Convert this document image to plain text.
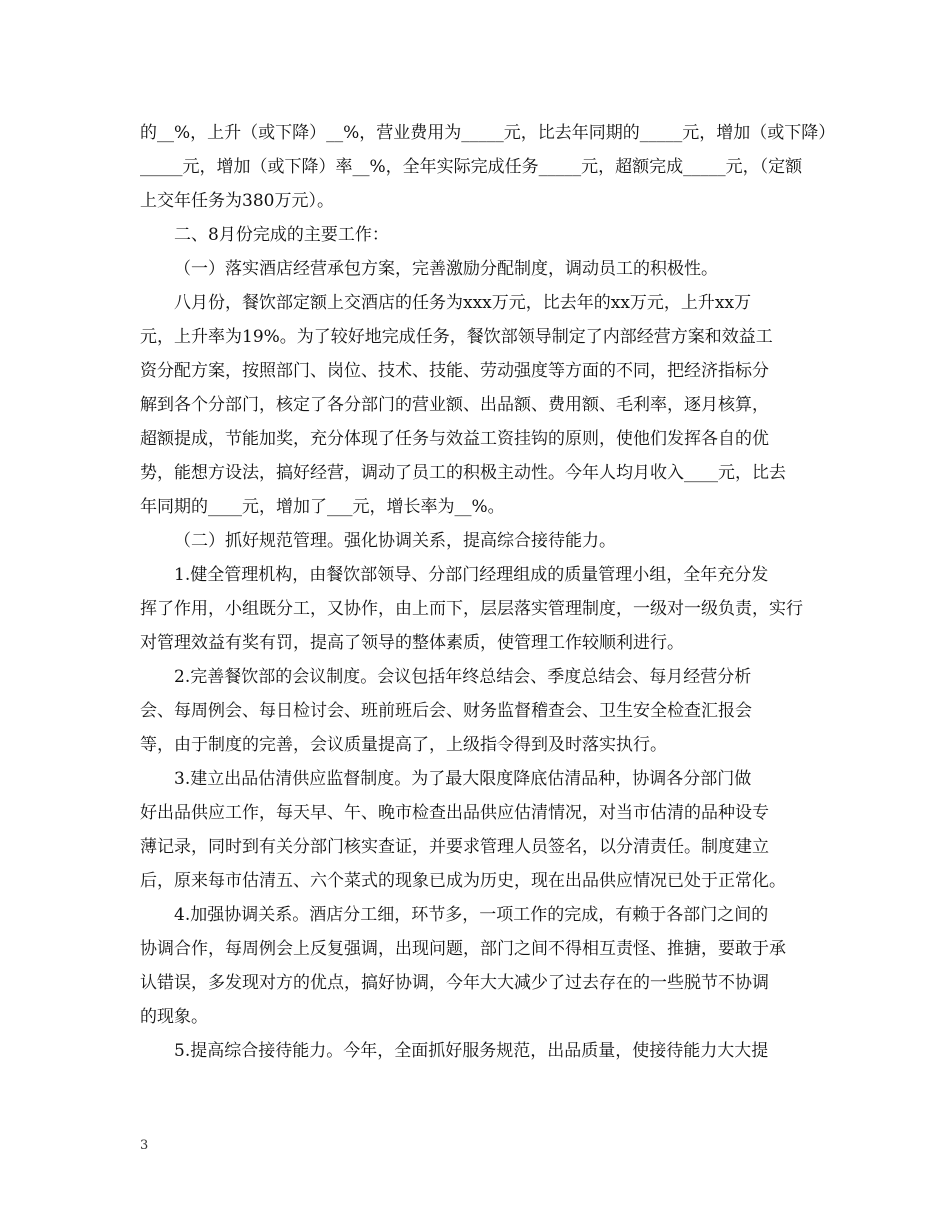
的__%，上升（或下降）__%，营业费用为_____元，比去年同期的_____元，增加（或下降）
_____元，增加（或下降）率__%，全年实际完成任务_____元，超额完成_____元，（定额
上交年任务为380万元）。
二、8月份完成的主要工作：
（一）落实酒店经营承包方案，完善激励分配制度，调动员工的积极性。
八月份，餐饮部定额上交酒店的任务为xxx万元，比去年的xx万元，上升xx万
元，上升率为19%。为了较好地完成任务，餐饮部领导制定了内部经营方案和效益工
资分配方案，按照部门、岗位、技术、技能、劳动强度等方面的不同，把经济指标分
解到各个分部门，核定了各分部门的营业额、出品额、费用额、毛利率，逐月核算，
超额提成，节能加奖，充分体现了任务与效益工资挂钩的原则，使他们发挥各自的优
势，能想方设法，搞好经营，调动了员工的积极主动性。今年人均月收入____元，比去
年同期的____元，增加了___元，增长率为__%。
（二）抓好规范管理。强化协调关系，提高综合接待能力。
1.健全管理机构，由餐饮部领导、分部门经理组成的质量管理小组，全年充分发
挥了作用，小组既分工，又协作，由上而下，层层落实管理制度，一级对一级负责，实行
对管理效益有奖有罚，提高了领导的整体素质，使管理工作较顺利进行。
2.完善餐饮部的会议制度。会议包括年终总结会、季度总结会、每月经营分析
会、每周例会、每日检讨会、班前班后会、财务监督稽查会、卫生安全检查汇报会
等，由于制度的完善，会议质量提高了，上级指令得到及时落实执行。
3.建立出品估清供应监督制度。为了最大限度降底估清品种，协调各分部门做
好出品供应工作，每天早、午、晚市检查出品供应估清情况，对当市估清的品种设专
薄记录，同时到有关分部门核实查证，并要求管理人员签名，以分清责任。制度建立
后，原来每市估清五、六个菜式的现象已成为历史，现在出品供应情况已处于正常化。
4.加强协调关系。酒店分工细，环节多，一项工作的完成，有赖于各部门之间的
协调合作，每周例会上反复强调，出现问题，部门之间不得相互责怪、推搪，要敢于承
认错误，多发现对方的优点，搞好协调，今年大大减少了过去存在的一些脱节不协调
的现象。
5.提高综合接待能力。今年，全面抓好服务规范，出品质量，使接待能力大大提
3
